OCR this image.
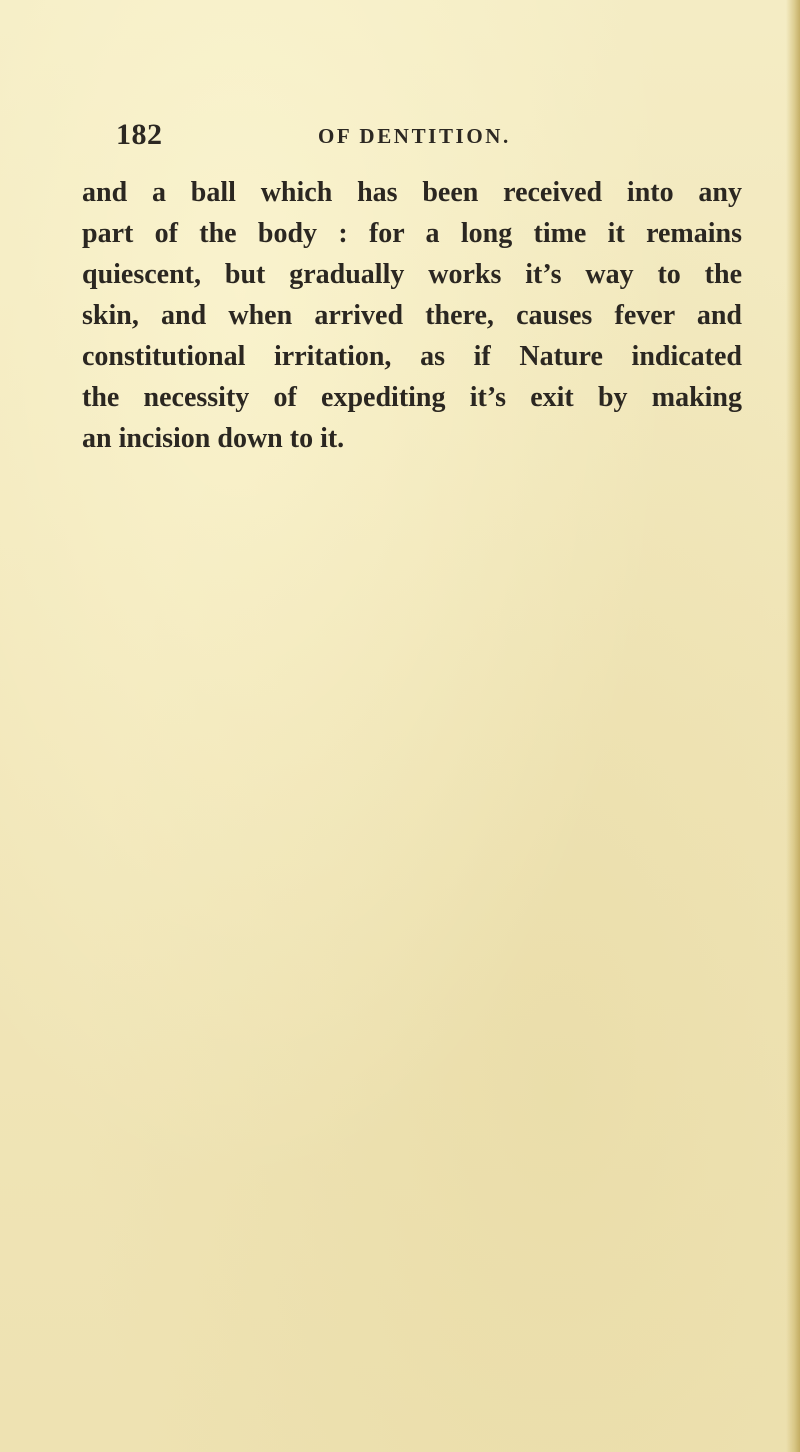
182	OF DENTITION.
and a ball which has been received into any
part of the body : for a long time it remains
quiescent, but gradually works it’s way to the
skin, and when arrived there, causes fever and
constitutional irritation, as if Nature indicated
the necessity of expediting it’s exit by making
an incision down to it.
